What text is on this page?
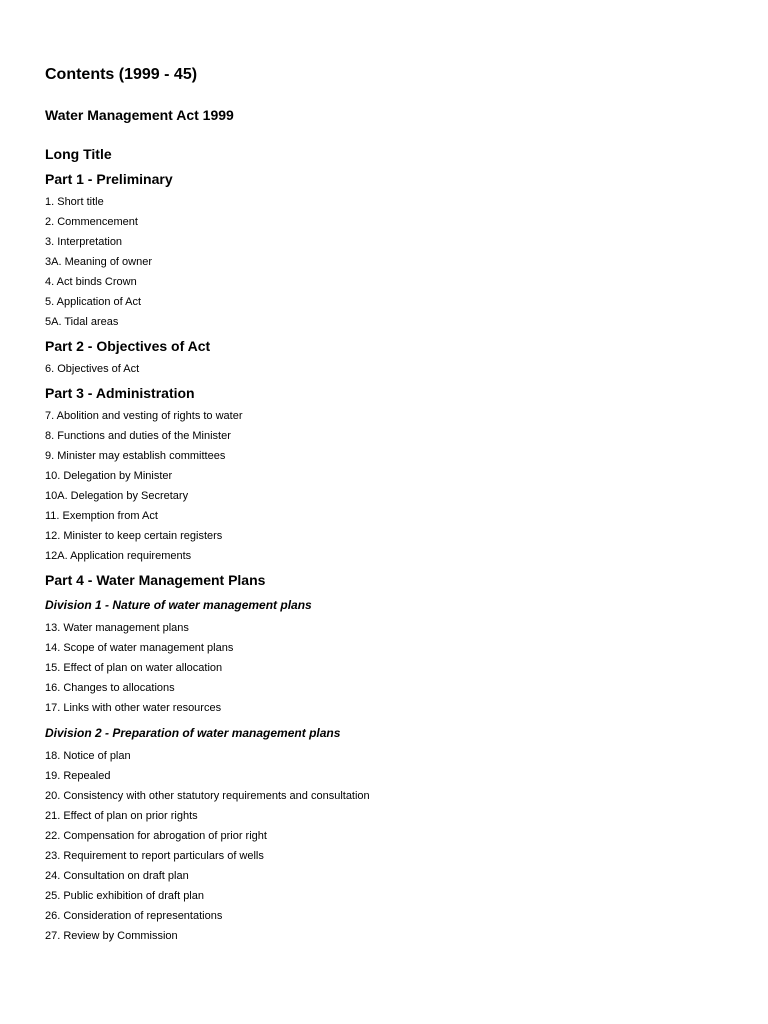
Contents (1999 - 45)
Water Management Act 1999
Long Title
Part 1 - Preliminary
1. Short title
2. Commencement
3. Interpretation
3A. Meaning of owner
4. Act binds Crown
5. Application of Act
5A. Tidal areas
Part 2 - Objectives of Act
6. Objectives of Act
Part 3 - Administration
7. Abolition and vesting of rights to water
8. Functions and duties of the Minister
9. Minister may establish committees
10. Delegation by Minister
10A. Delegation by Secretary
11. Exemption from Act
12. Minister to keep certain registers
12A. Application requirements
Part 4 - Water Management Plans
Division 1 - Nature of water management plans
13. Water management plans
14. Scope of water management plans
15. Effect of plan on water allocation
16. Changes to allocations
17. Links with other water resources
Division 2 - Preparation of water management plans
18. Notice of plan
19. Repealed
20. Consistency with other statutory requirements and consultation
21. Effect of plan on prior rights
22. Compensation for abrogation of prior right
23. Requirement to report particulars of wells
24. Consultation on draft plan
25. Public exhibition of draft plan
26. Consideration of representations
27. Review by Commission
